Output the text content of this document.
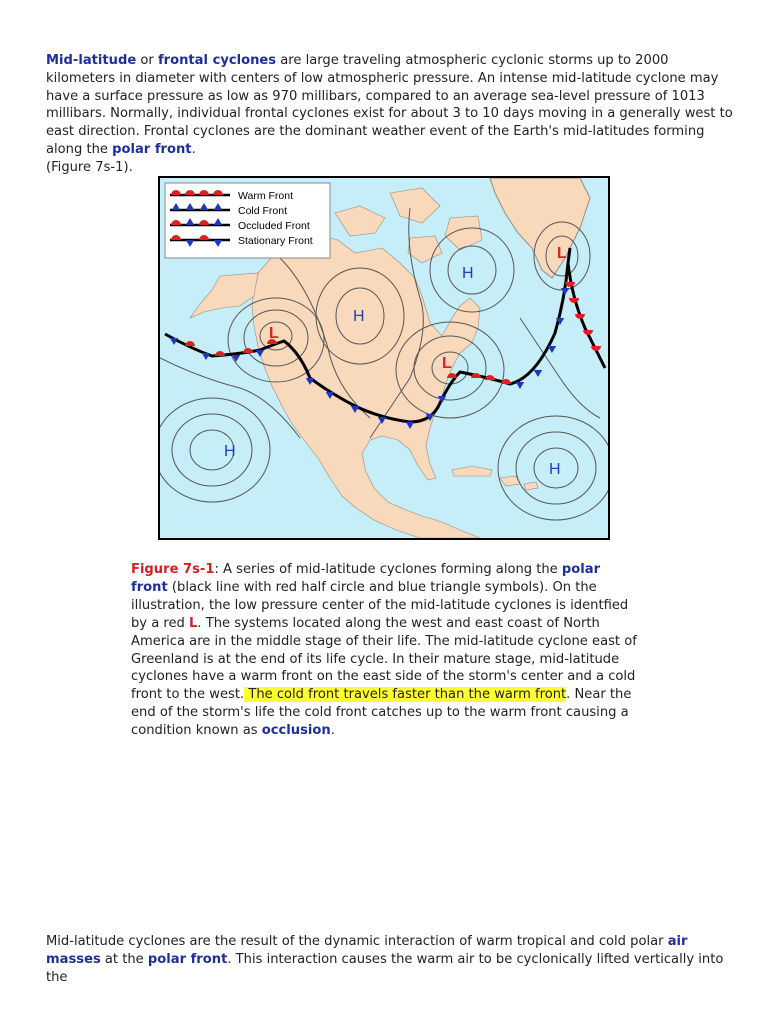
Mid-latitude or frontal cyclones are large traveling atmospheric cyclonic storms up to 2000 kilometers in diameter with centers of low atmospheric pressure. An intense mid-latitude cyclone may have a surface pressure as low as 970 millibars, compared to an average sea-level pressure of 1013 millibars. Normally, individual frontal cyclones exist for about 3 to 10 days moving in a generally west to east direction. Frontal cyclones are the dominant weather event of the Earth's mid-latitudes forming along the polar front.
(Figure 7s-1).

Warm Front
Cold Front
Occluded Front
Stationary Front
H
H
H
H
L
L
L

Figure 7s-1: A series of mid-latitude cyclones forming along the polar front (black line with red half circle and blue triangle symbols). On the illustration, the low pressure center of the mid-latitude cyclones is identfied by a red L. The systems located along the west and east coast of North America are in the middle stage of their life. The mid-latitude cyclone east of Greenland is at the end of its life cycle. In their mature stage, mid-latitude cyclones have a warm front on the east side of the storm's center and a cold front to the west. The cold front travels faster than the warm front. Near the end of the storm's life the cold front catches up to the warm front causing a condition known as occlusion.

Mid-latitude cyclones are the result of the dynamic interaction of warm tropical and cold polar air masses at the polar front. This interaction causes the warm air to be cyclonically lifted vertically into the
